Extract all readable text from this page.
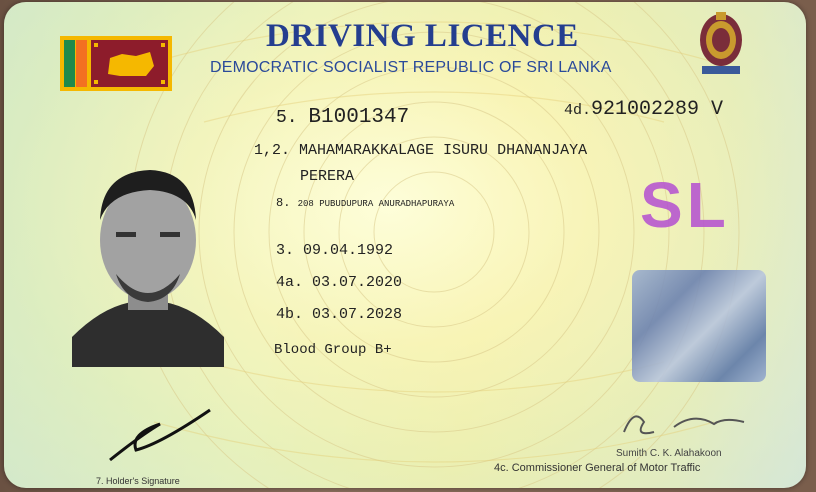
DRIVING LICENCE
DEMOCRATIC SOCIALIST REPUBLIC OF SRI LANKA
5. B1001347	4d.921002289 V
1,2. MAHAMARAKKALAGE ISURU DHANANJAYA
PERERA
8. 208 PUBUDUPURA ANURADHAPURAYA
3. 09.04.1992
4a. 03.07.2020
4b. 03.07.2028
Blood Group B+
SL
7. Holder's Signature
Sumith C. K. Alahakoon
4c. Commissioner General of Motor Traffic
